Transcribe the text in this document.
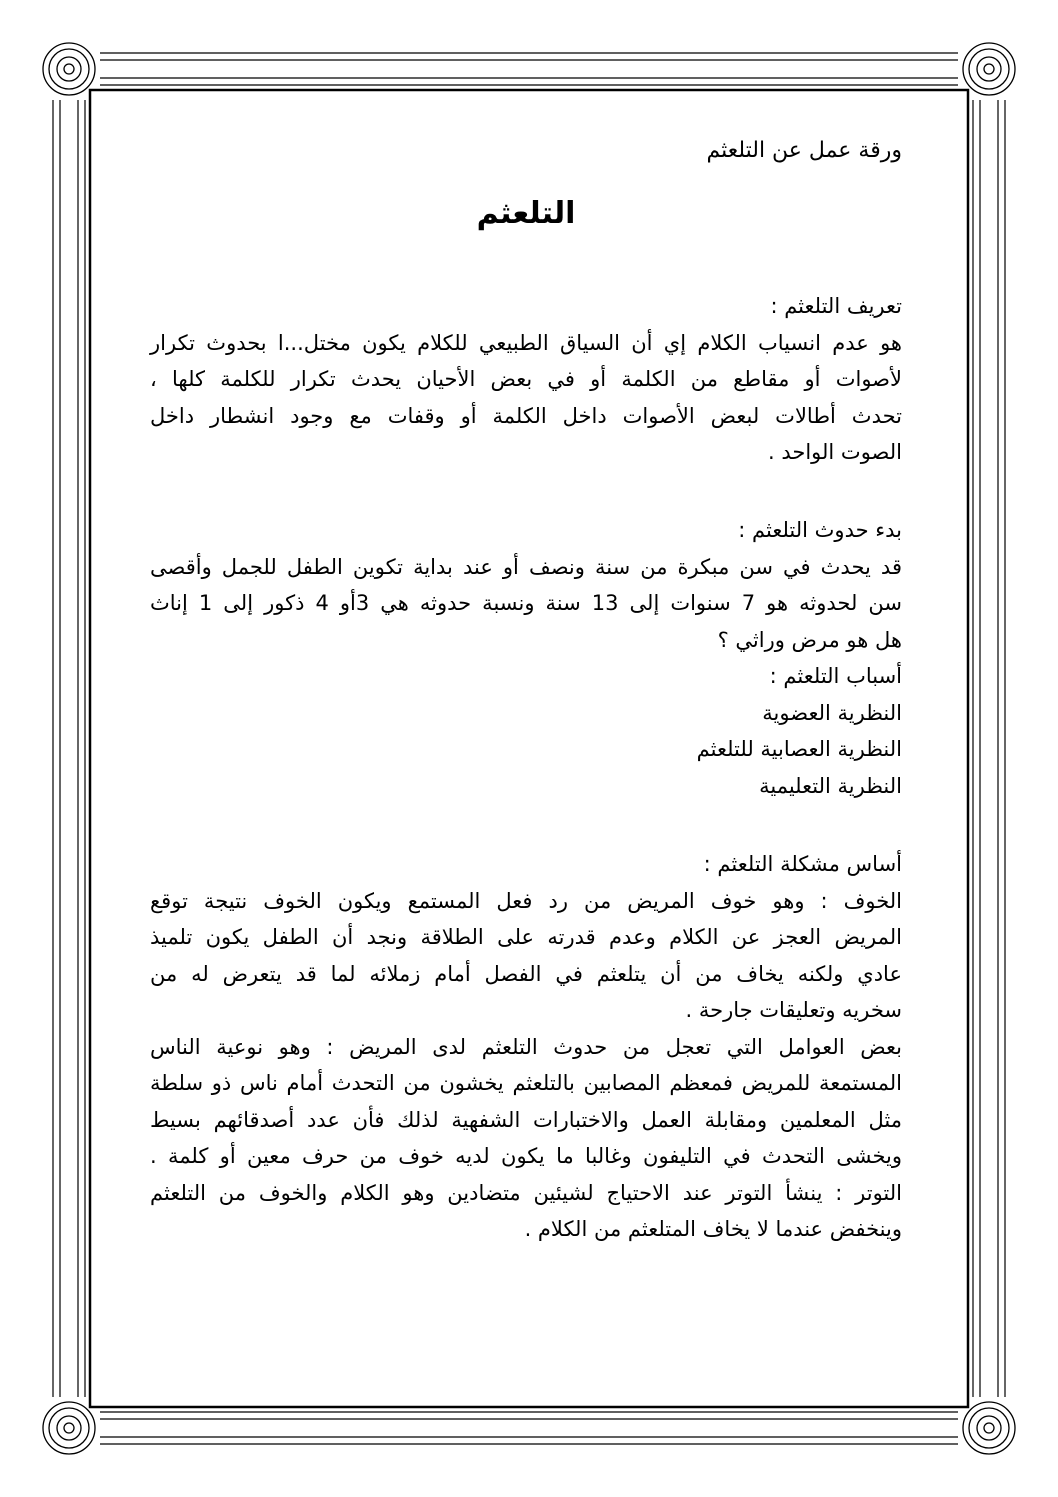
ورقة عمل عن التلعثم
التلعثم
تعريف التلعثم :
هو عدم انسياب الكلام إي أن السياق الطبيعي للكلام يكون مختل...ا بحدوث تكرار
لأصوات أو مقاطع من الكلمة أو في بعض الأحيان يحدث تكرار للكلمة كلها ،
تحدث أطالات لبعض الأصوات داخل الكلمة أو وقفات مع وجود انشطار داخل
الصوت الواحد .
بدء حدوث التلعثم :
قد يحدث في سن مبكرة من سنة ونصف أو عند بداية تكوين الطفل للجمل وأقصى
سن لحدوثه هو 7 سنوات إلى 13 سنة ونسبة حدوثه هي 3أو 4 ذكور إلى 1 إناث
هل هو مرض وراثي ؟
أسباب التلعثم :
النظرية العضوية
النظرية العصابية للتلعثم
النظرية التعليمية
أساس مشكلة التلعثم :
الخوف : وهو خوف المريض من رد فعل المستمع ويكون الخوف نتيجة توقع
المريض العجز عن الكلام وعدم قدرته على الطلاقة ونجد أن الطفل يكون تلميذ
عادي ولكنه يخاف من أن يتلعثم في الفصل أمام زملائه لما قد يتعرض له من
سخريه وتعليقات جارحة .
بعض العوامل التي تعجل من حدوث التلعثم لدى المريض : وهو نوعية الناس
المستمعة للمريض فمعظم المصابين بالتلعثم يخشون من التحدث أمام ناس ذو سلطة
مثل المعلمين ومقابلة العمل والاختبارات الشفهية لذلك فأن عدد أصدقائهم بسيط
ويخشى التحدث في التليفون وغالبا ما يكون لديه خوف من حرف معين أو كلمة .
التوتر : ينشأ التوتر عند الاحتياج لشيئين متضادين وهو الكلام والخوف من التلعثم
وينخفض عندما لا يخاف المتلعثم من الكلام .
